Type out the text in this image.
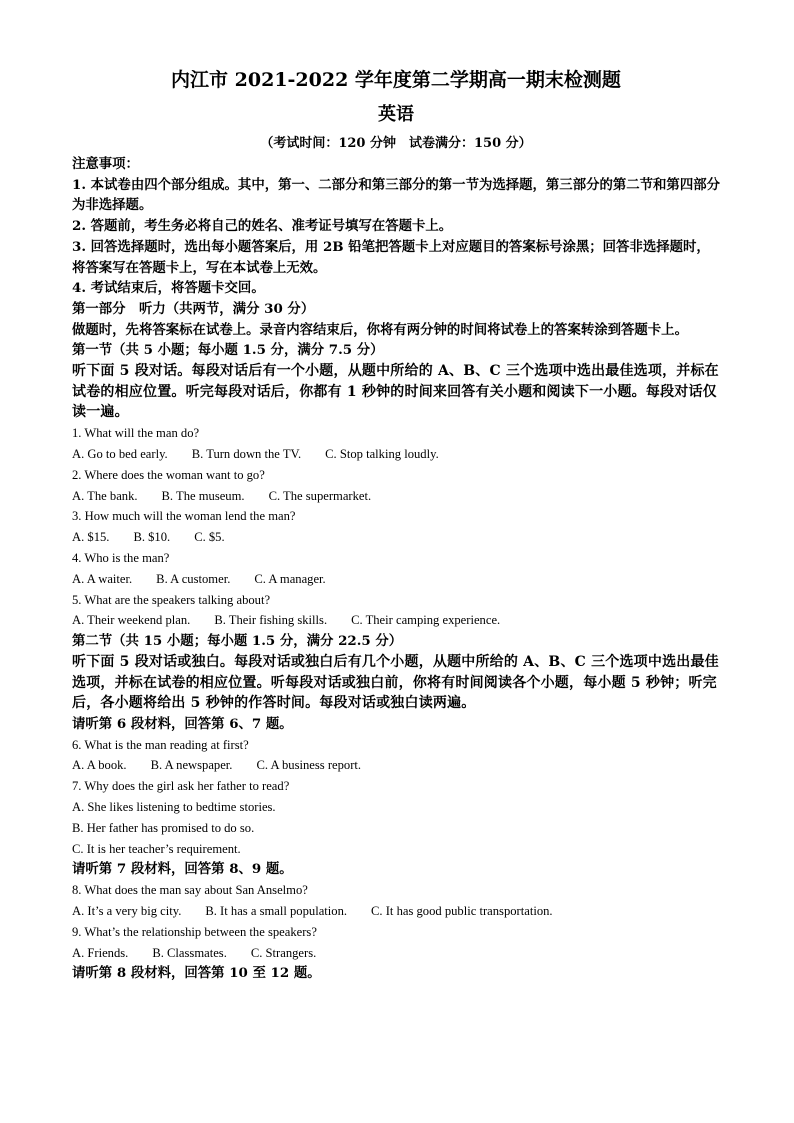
内江市 2021-2022 学年度第二学期高一期末检测题
英语

（考试时间：120 分钟　试卷满分：150 分）

注意事项：

1. 本试卷由四个部分组成。其中，第一、二部分和第三部分的第一节为选择题，第三部分的第二节和第四部分为非选择题。

2. 答题前，考生务必将自己的姓名、准考证号填写在答题卡上。

3. 回答选择题时，选出每小题答案后，用 2B 铅笔把答题卡上对应题目的答案标号涂黑；回答非选择题时，将答案写在答题卡上，写在本试卷上无效。

4. 考试结束后，将答题卡交回。

第一部分　听力（共两节，满分 30 分）

做题时，先将答案标在试卷上。录音内容结束后，你将有两分钟的时间将试卷上的答案转涂到答题卡上。

第一节（共 5 小题；每小题 1.5 分，满分 7.5 分）

听下面 5 段对话。每段对话后有一个小题，从题中所给的 A、B、C 三个选项中选出最佳选项，并标在试卷的相应位置。听完每段对话后，你都有 1 秒钟的时间来回答有关小题和阅读下一小题。每段对话仅读一遍。

1. What will the man do?

A. Go to bed early. B. Turn down the TV. C. Stop talking loudly.

2. Where does the woman want to go?

A. The bank. B. The museum. C. The supermarket.

3. How much will the woman lend the man?

A. $15. B. $10. C. $5.

4. Who is the man?

A. A waiter. B. A customer. C. A manager.

5. What are the speakers talking about?

A. Their weekend plan. B. Their fishing skills. C. Their camping experience.

第二节（共 15 小题；每小题 1.5 分，满分 22.5 分）

听下面 5 段对话或独白。每段对话或独白后有几个小题，从题中所给的 A、B、C 三个选项中选出最佳选项，并标在试卷的相应位置。听每段对话或独白前，你将有时间阅读各个小题，每小题 5 秒钟；听完后，各小题将给出 5 秒钟的作答时间。每段对话或独白读两遍。

请听第 6 段材料，回答第 6、7 题。

6. What is the man reading at first?

A. A book. B. A newspaper. C. A business report.

7. Why does the girl ask her father to read?

A. She likes listening to bedtime stories.

B. Her father has promised to do so.

C. It is her teacher’s requirement.

请听第 7 段材料，回答第 8、9 题。

8. What does the man say about San Anselmo?

A. It’s a very big city. B. It has a small population. C. It has good public transportation.

9. What’s the relationship between the speakers?

A. Friends. B. Classmates. C. Strangers.

请听第 8 段材料，回答第 10 至 12 题。
